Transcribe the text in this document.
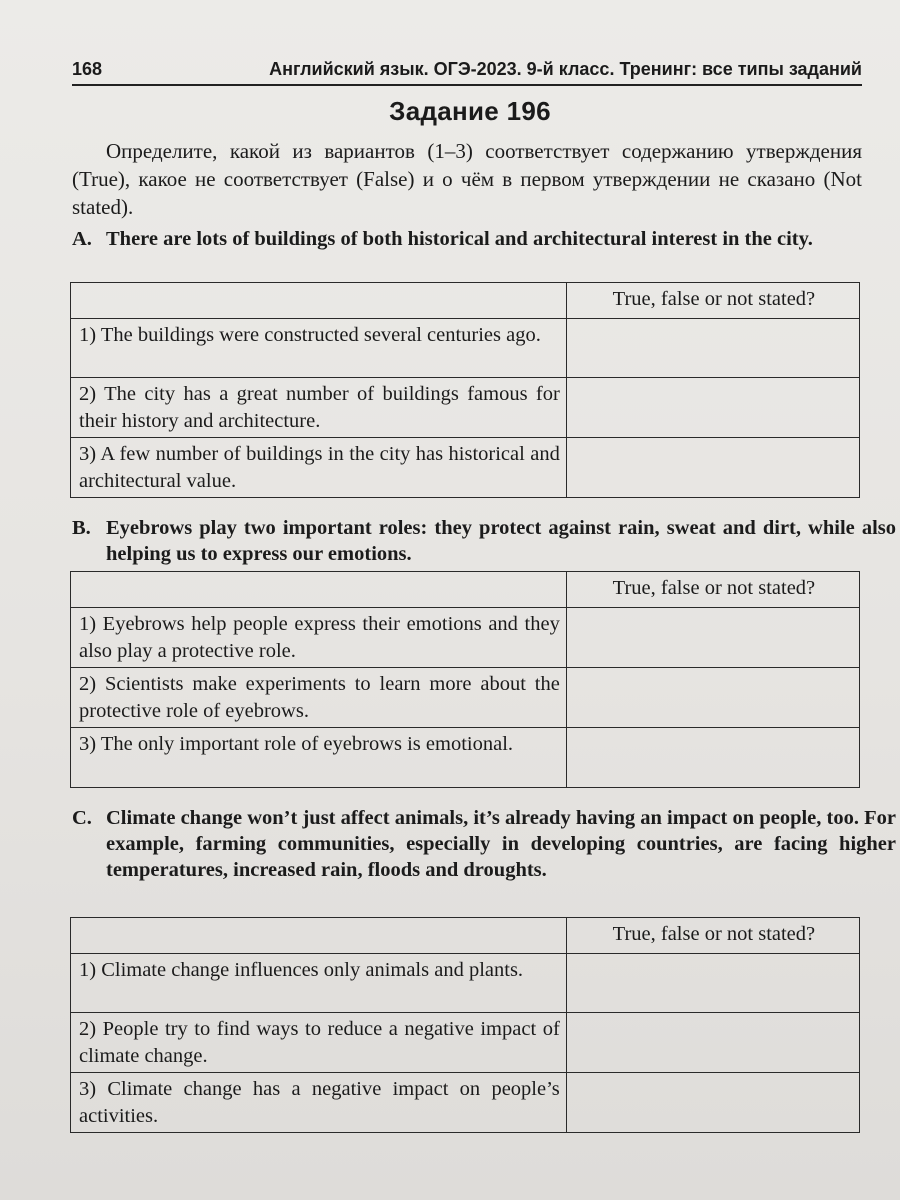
168	Английский язык. ОГЭ-2023. 9-й класс. Тренинг: все типы заданий
Задание 196
Определите, какой из вариантов (1–3) соответствует содержанию утверждения (True), какое не соответствует (False) и о чём в первом утверждении не сказано (Not stated).
A. There are lots of buildings of both historical and architectural interest in the city.
	True, false or not stated?
1) The buildings were constructed several centuries ago.	
2) The city has a great number of buildings famous for their history and architecture.	
3) A few number of buildings in the city has historical and architectural value.	
B. Eyebrows play two important roles: they protect against rain, sweat and dirt, while also helping us to express our emotions.
	True, false or not stated?
1) Eyebrows help people express their emotions and they also play a protective role.	
2) Scientists make experiments to learn more about the protective role of eyebrows.	
3) The only important role of eyebrows is emotional.	
C. Climate change won’t just affect animals, it’s already having an impact on people, too. For example, farming communities, especially in developing countries, are facing higher temperatures, increased rain, floods and droughts.
	True, false or not stated?
1) Climate change influences only animals and plants.	
2) People try to find ways to reduce a negative impact of climate change.	
3) Climate change has a negative impact on people’s activities.	
